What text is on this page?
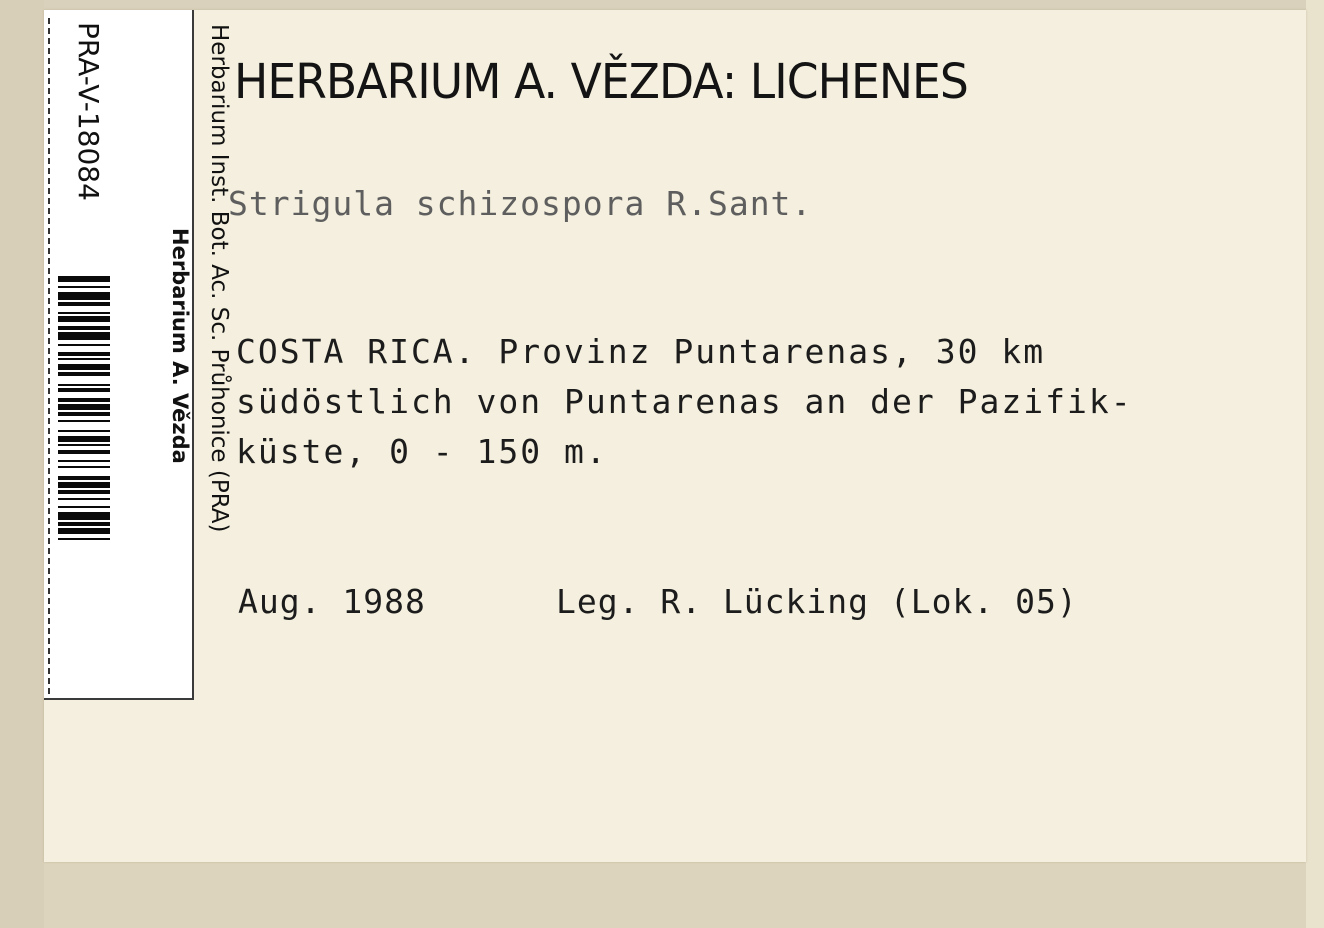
PRA-V-18084	Herbarium Inst. Bot. Ac. Sc. Průhonice (PRA)
Herbarium A. Vězda
HERBARIUM A. VĚZDA: LICHENES
Strigula schizospora R.Sant.
COSTA RICA. Provinz Puntarenas, 30 km
südöstlich von Puntarenas an der Pazifik-
küste, 0 - 150 m.
Aug. 1988	Leg. R. Lücking (Lok. 05)
